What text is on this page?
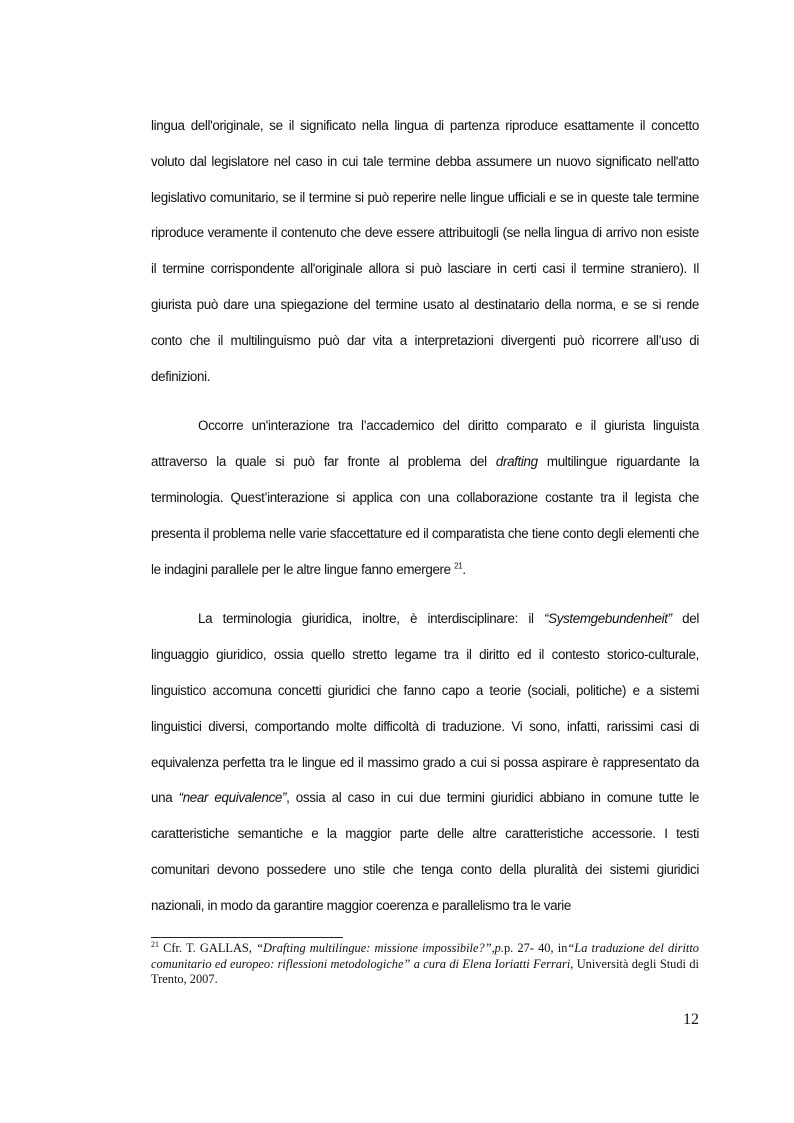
lingua dell'originale, se il significato nella lingua di partenza riproduce esattamente il concetto voluto dal legislatore nel caso in cui tale termine debba assumere un nuovo significato nell'atto legislativo comunitario, se il termine si può reperire nelle lingue ufficiali e se in queste tale termine riproduce veramente il contenuto che deve essere attribuitogli (se nella lingua di arrivo non esiste il termine corrispondente all'originale allora si può lasciare in certi casi il termine straniero). Il giurista può dare una spiegazione del termine usato al destinatario della norma, e se si rende conto che il multilinguismo può dar vita a interpretazioni divergenti può ricorrere all’uso di definizioni.

Occorre un'interazione tra l’accademico del diritto comparato e il giurista linguista attraverso la quale si può far fronte al problema del drafting multilingue riguardante la terminologia. Quest’interazione si applica con una collaborazione costante tra il legista che presenta il problema nelle varie sfaccettature ed il comparatista che tiene conto degli elementi che le indagini parallele per le altre lingue fanno emergere $^{21}$.

La terminologia giuridica, inoltre, è interdisciplinare: il “Systemgebundenheit” del linguaggio giuridico, ossia quello stretto legame tra il diritto ed il contesto storico-culturale, linguistico accomuna concetti giuridici che fanno capo a teorie (sociali, politiche) e a sistemi linguistici diversi, comportando molte difficoltà di traduzione. Vi sono, infatti, rarissimi casi di equivalenza perfetta tra le lingue ed il massimo grado a cui si possa aspirare è rappresentato da una “near equivalence”, ossia al caso in cui due termini giuridici abbiano in comune tutte le caratteristiche semantiche e la maggior parte delle altre caratteristiche accessorie. I testi comunitari devono possedere uno stile che tenga conto della pluralità dei sistemi giuridici nazionali, in modo da garantire maggior coerenza e parallelismo tra le varie

$^{21}$ Cfr. T. GALLAS, “Drafting multilingue: missione impossibile?”,p.p. 27- 40, in“La traduzione del diritto comunitario ed europeo: riflessioni metodologiche” a cura di Elena Ioriatti Ferrari, Università degli Studi di Trento, 2007.
12
